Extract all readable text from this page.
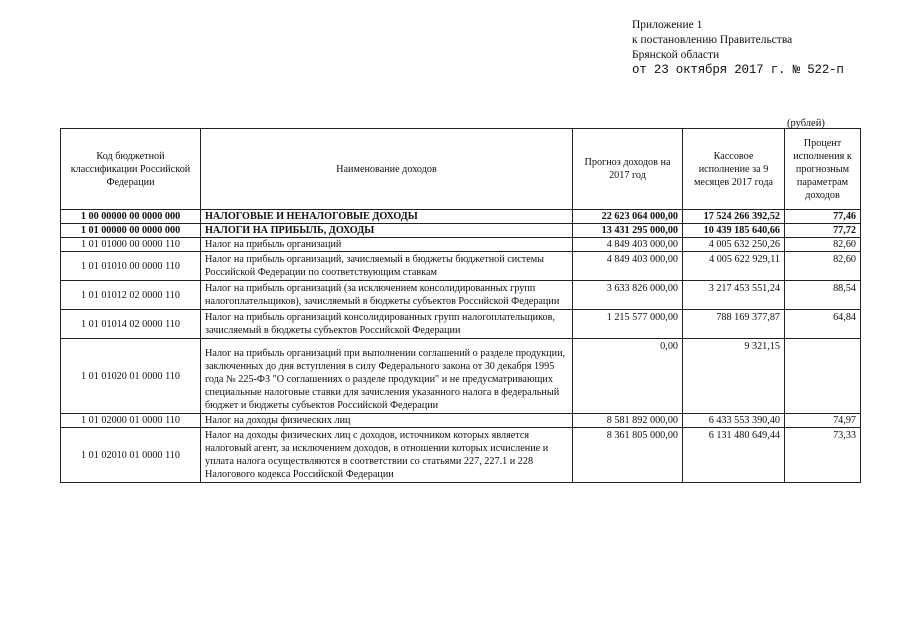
Приложение 1
к постановлению Правительства
Брянской области
от 23 октября 2017 г. № 522-п
(рублей)
Код бюджетной классификации Российской Федерации	Наименование доходов	Прогноз доходов на 2017 год	Кассовое исполнение за 9 месяцев 2017 года	Процент исполнения к прогнозным параметрам доходов
1 00 00000 00 0000 000	НАЛОГОВЫЕ И НЕНАЛОГОВЫЕ ДОХОДЫ	22 623 064 000,00	17 524 266 392,52	77,46
1 01 00000 00 0000 000	НАЛОГИ НА ПРИБЫЛЬ, ДОХОДЫ	13 431 295 000,00	10 439 185 640,66	77,72
1 01 01000 00 0000 110	Налог на прибыль организаций	4 849 403 000,00	4 005 632 250,26	82,60
1 01 01010 00 0000 110	Налог на прибыль организаций, зачисляемый в бюджеты бюджетной системы Российской Федерации по соответствующим ставкам	4 849 403 000,00	4 005 622 929,11	82,60
1 01 01012 02 0000 110	Налог на прибыль организаций (за исключением консолидированных групп налогоплательщиков), зачисляемый в бюджеты субъектов Российской Федерации	3 633 826 000,00	3 217 453 551,24	88,54
1 01 01014 02 0000 110	Налог на прибыль организаций консолидированных групп налогоплательщиков, зачисляемый в бюджеты субъектов Российской Федерации	1 215 577 000,00	788 169 377,87	64,84
1 01 01020 01 0000 110	Налог на прибыль организаций при выполнении соглашений о разделе продукции, заключенных до дня вступления в силу Федерального закона от 30 декабря 1995 года № 225-ФЗ "О соглашениях о разделе продукции" и не предусматривающих специальные налоговые ставки для зачисления указанного налога в федеральный бюджет и бюджеты субъектов Российской Федерации	0,00	9 321,15	
1 01 02000 01 0000 110	Налог на доходы физических лиц	8 581 892 000,00	6 433 553 390,40	74,97
1 01 02010 01 0000 110	Налог на доходы физических лиц с доходов, источником которых является налоговый агент, за исключением доходов, в отношении которых исчисление и уплата налога осуществляются в соответствии со статьями 227, 227.1 и 228 Налогового кодекса Российской Федерации	8 361 805 000,00	6 131 480 649,44	73,33
